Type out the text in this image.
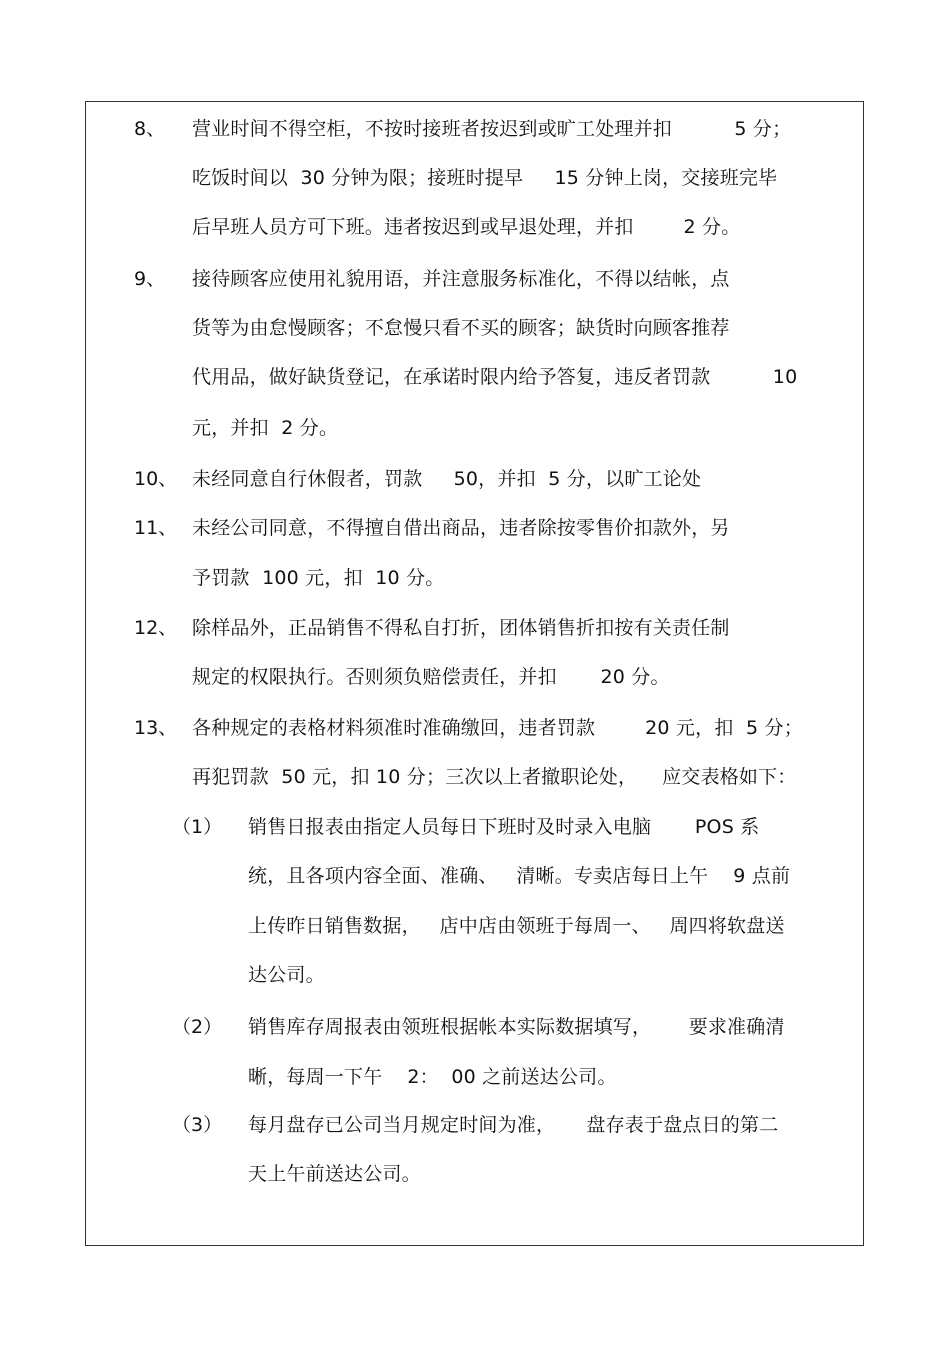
8、 营业时间不得空柜，不按时接班者按迟到或旷工处理并扣          5 分；
吃饭时间以  30 分钟为限；接班时提早     15 分钟上岗，交接班完毕
后早班人员方可下班。违者按迟到或早退处理，并扣        2 分。
9、 接待顾客应使用礼貌用语，并注意服务标准化，不得以结帐，点
货等为由怠慢顾客；不怠慢只看不买的顾客；缺货时向顾客推荐
代用品，做好缺货登记，在承诺时限内给予答复，违反者罚款          10
元，并扣  2 分。
10、 未经同意自行休假者，罚款     50，并扣  5 分，以旷工论处
11、 未经公司同意，不得擅自借出商品，违者除按零售价扣款外，另
予罚款  100 元，扣  10 分。
12、 除样品外，正品销售不得私自打折，团体销售折扣按有关责任制
规定的权限执行。否则须负赔偿责任，并扣       20 分。
13、 各种规定的表格材料须准时准确缴回，违者罚款        20 元，扣  5 分；
再犯罚款  50 元，扣 10 分；三次以上者撤职论处，    应交表格如下：
（1） 销售日报表由指定人员每日下班时及时录入电脑       POS 系
统，且各项内容全面、准确、   清晰。专卖店每日上午    9 点前
上传昨日销售数据，   店中店由领班于每周一、   周四将软盘送
达公司。
（2） 销售库存周报表由领班根据帐本实际数据填写，      要求准确清
晰，每周一下午    2：  00 之前送达公司。
（3） 每月盘存已公司当月规定时间为准，     盘存表于盘点日的第二
天上午前送达公司。
